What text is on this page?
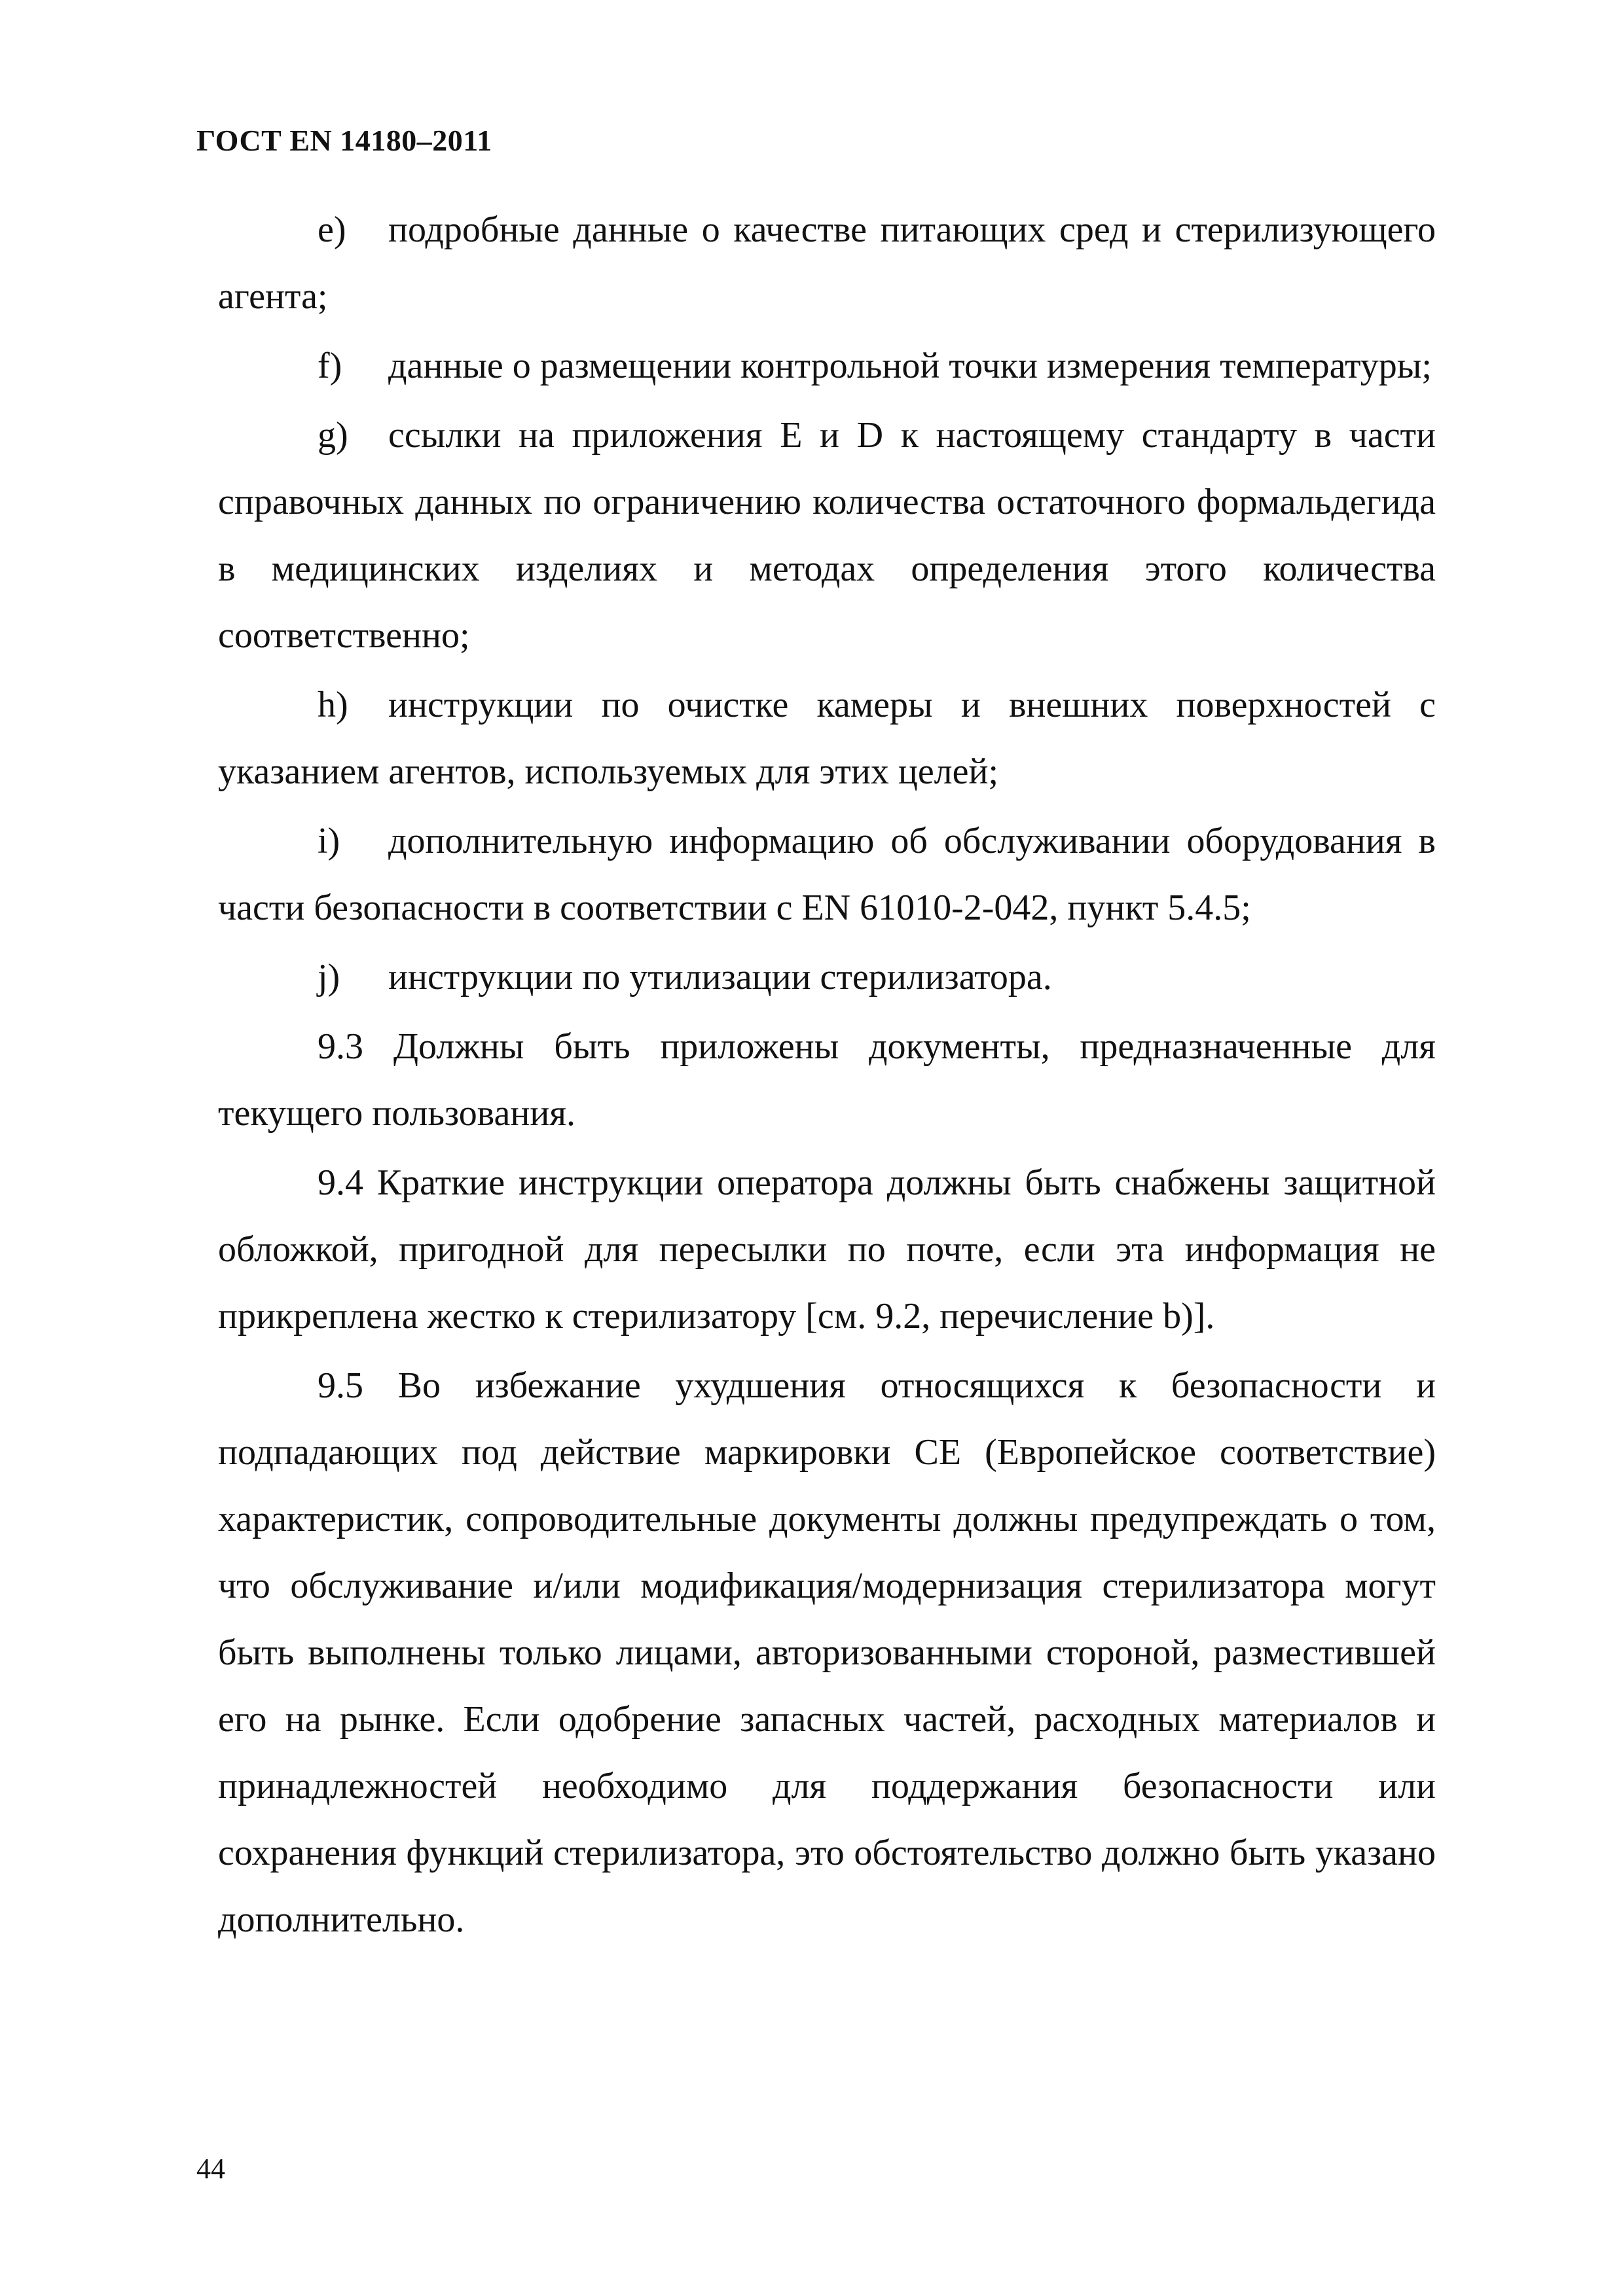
ГОСТ EN 14180–2011

e) подробные данные о качестве питающих сред и стерилизующего агента;

f) данные о размещении контрольной точки измерения температуры;

g) ссылки на приложения E и D к настоящему стандарту в части справочных данных по ограничению количества остаточного формальдегида в медицинских изделиях и методах определения этого количества соответственно;

h) инструкции по очистке камеры и внешних поверхностей с указанием агентов, используемых для этих целей;

i) дополнительную информацию об обслуживании оборудования в части безопасности в соответствии с EN 61010-2-042, пункт 5.4.5;

j) инструкции по утилизации стерилизатора.

9.3 Должны быть приложены документы, предназначенные для текущего пользования.

9.4 Краткие инструкции оператора должны быть снабжены защитной обложкой, пригодной для пересылки по почте, если эта информация не прикреплена жестко к стерилизатору [см. 9.2, перечисление b)].

9.5 Во избежание ухудшения относящихся к безопасности и подпадающих под действие маркировки CE (Европейское соответствие) характеристик, сопроводительные документы должны предупреждать о том, что обслуживание и/или модификация/модернизация стерилизатора могут быть выполнены только лицами, авторизованными стороной, разместившей его на рынке. Если одобрение запасных частей, расходных материалов и принадлежностей необходимо для поддержания безопасности или сохранения функций стерилизатора, это обстоятельство должно быть указано дополнительно.

44
